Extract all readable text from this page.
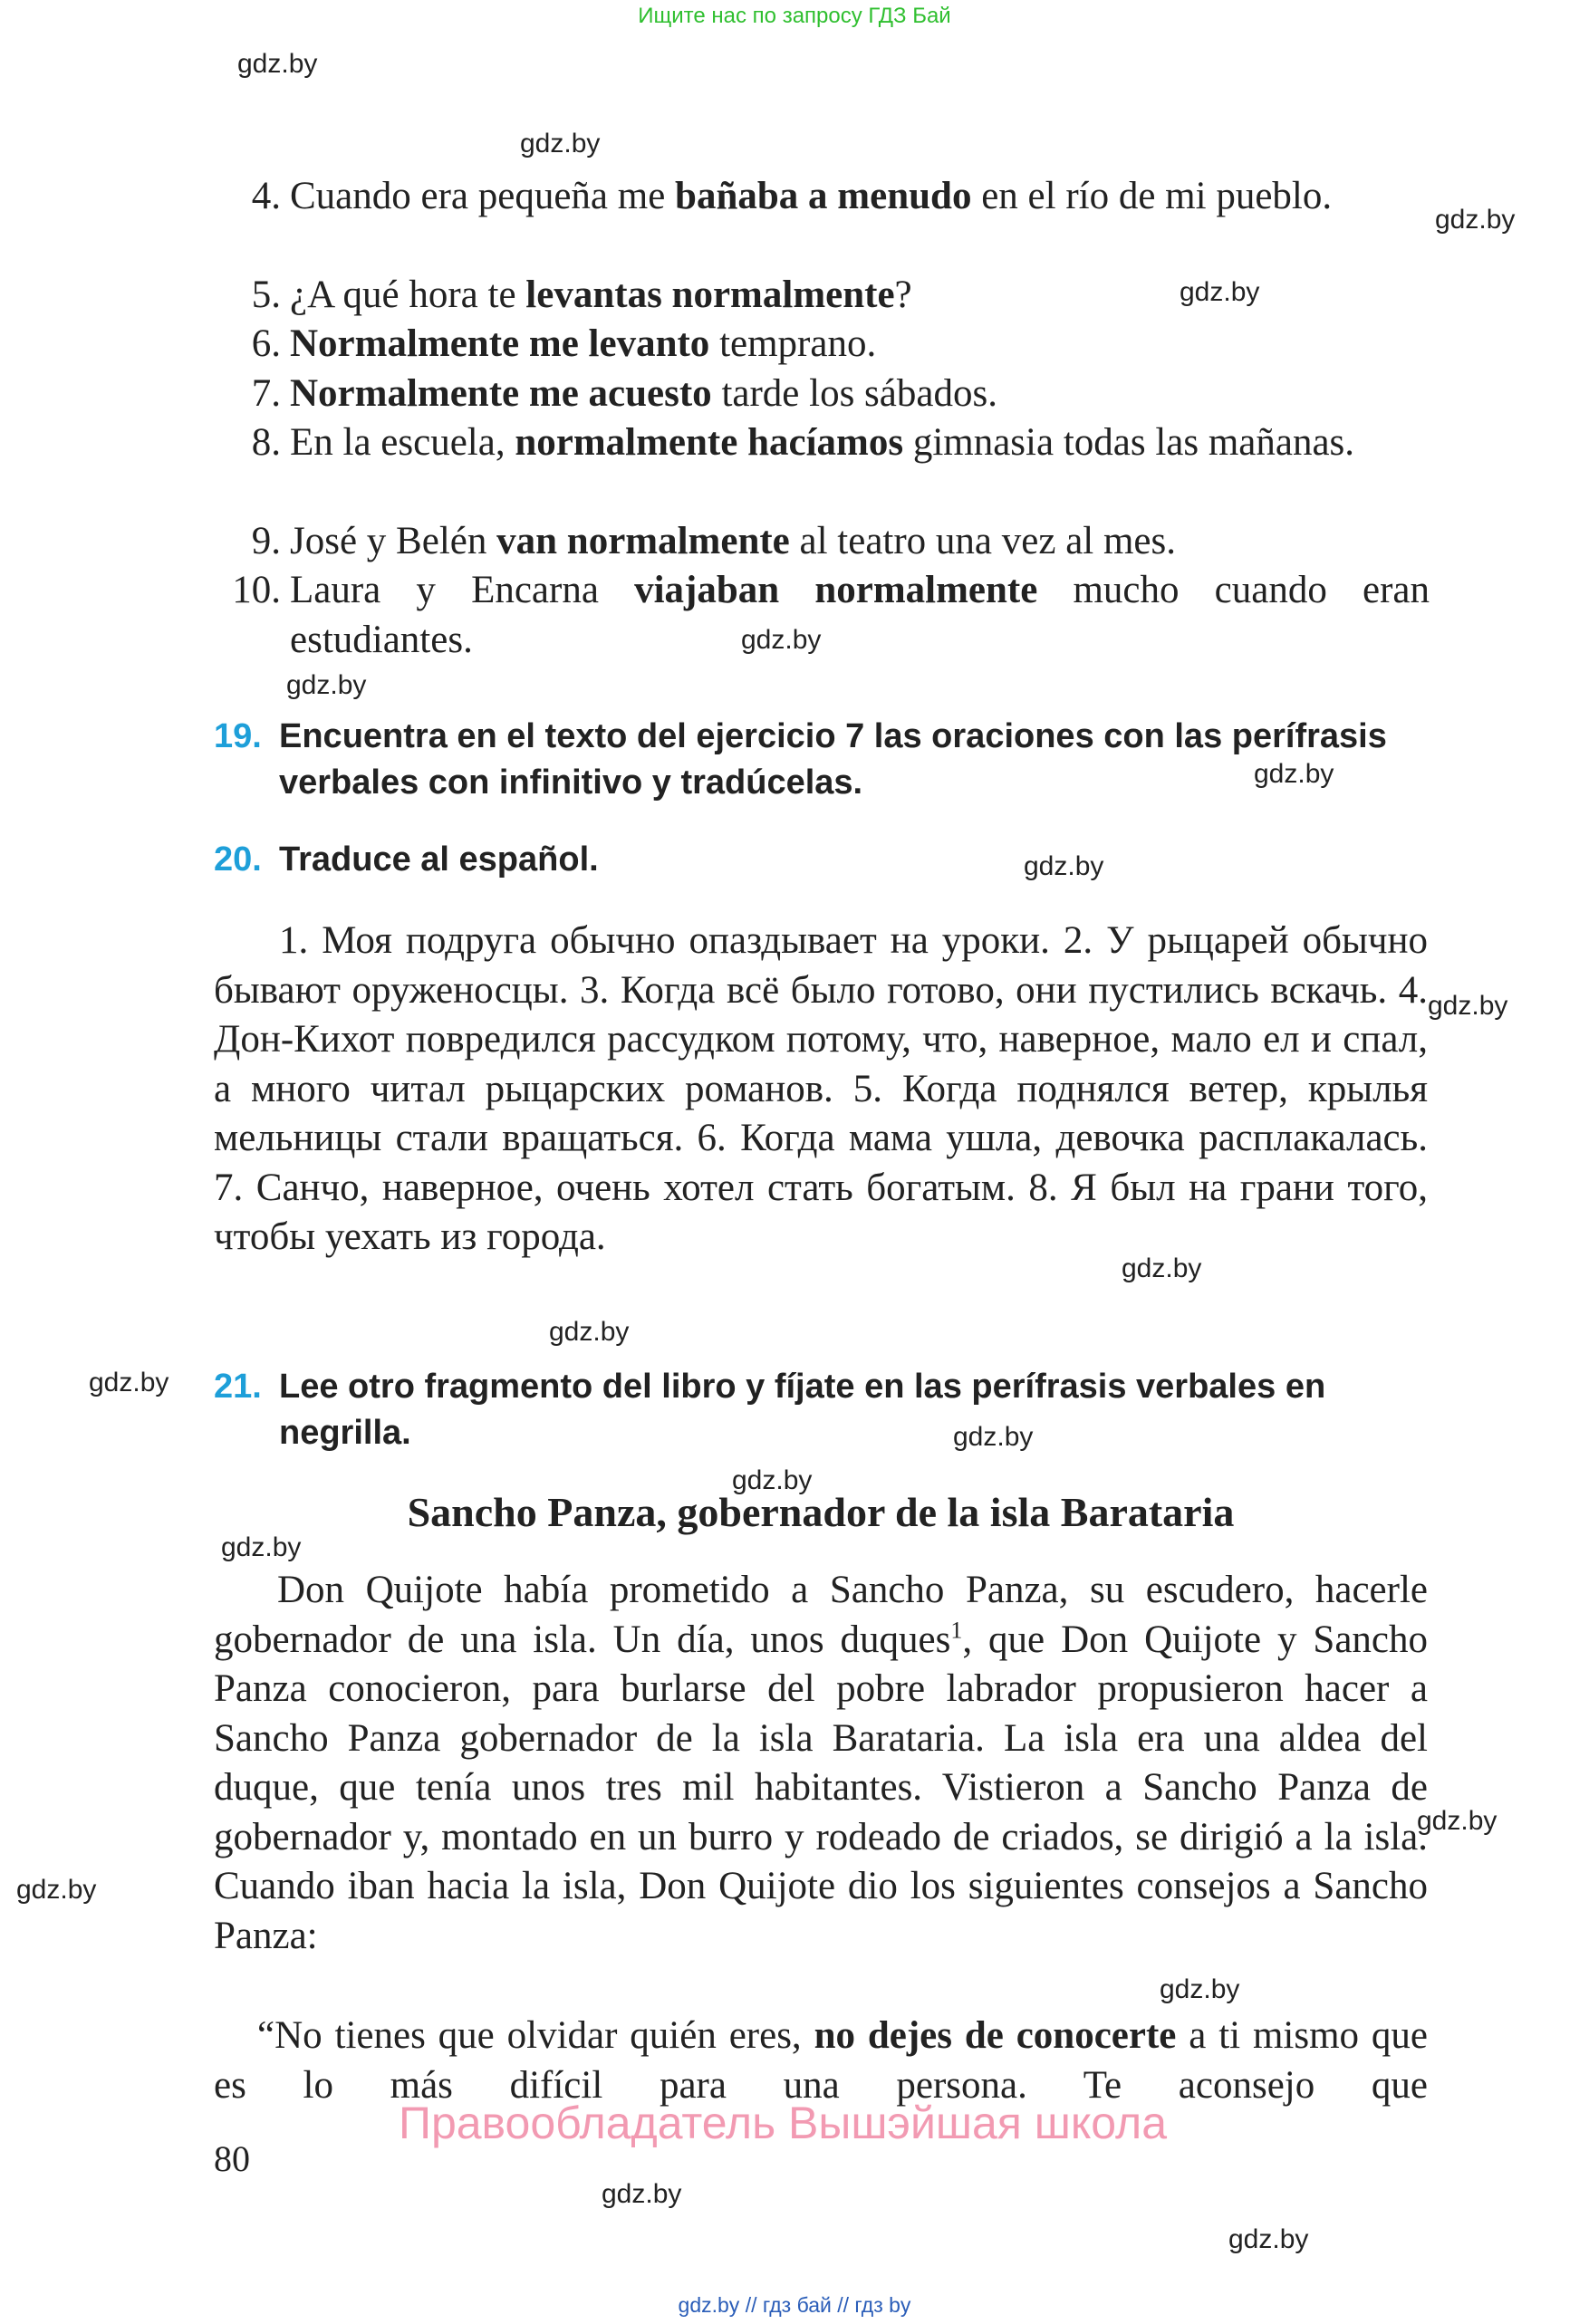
Ищите нас по запросу ГДЗ Бай
gdz.by
gdz.by
gdz.by
gdz.by
gdz.by
gdz.by
gdz.by
gdz.by
gdz.by
gdz.by
gdz.by
gdz.by
gdz.by
gdz.by
gdz.by
gdz.by
gdz.by
gdz.by
gdz.by
gdz.by
4. Cuando era pequeña me bañaba a menudo en el río de mi pueblo.
5. ¿A qué hora te levantas normalmente?
6. Normalmente me levanto temprano.
7. Normalmente me acuesto tarde los sábados.
8. En la escuela, normalmente hacíamos gimnasia todas las mañanas.
9. José y Belén van normalmente al teatro una vez al mes.
10. Laura y Encarna viajaban normalmente mucho cuando eran estudiantes.
19. Encuentra en el texto del ejercicio 7 las oraciones con las perífrasis verbales con infinitivo y tradúcelas.
20. Traduce al español.
1. Моя подруга обычно опаздывает на уроки. 2. У рыцарей обычно бывают оруженосцы. 3. Когда всё было готово, они пустились вскачь. 4. Дон-Кихот повредился рассудком потому, что, наверное, мало ел и спал, а много читал рыцарских романов. 5. Когда поднялся ветер, крылья мельницы стали вращаться. 6. Когда мама ушла, девочка расплакалась. 7. Санчо, наверное, очень хотел стать богатым. 8. Я был на грани того, чтобы уехать из города.
21. Lee otro fragmento del libro y fíjate en las perífrasis verbales en negrilla.
Sancho Panza, gobernador de la isla Barataria
Don Quijote había prometido a Sancho Panza, su escudero, hacerle gobernador de una isla. Un día, unos duques$^1$, que Don Quijote y Sancho Panza conocieron, para burlarse del pobre labrador propusieron hacer a Sancho Panza gobernador de la isla Barataria. La isla era una aldea del duque, que tenía unos tres mil habitantes. Vistieron a Sancho Panza de gobernador y, montado en un burro y rodeado de criados, se dirigió a la isla. Cuando iban hacia la isla, Don Quijote dio los siguientes consejos a Sancho Panza:
“No tienes que olvidar quién eres, no dejes de conocerte a ti mismo que es lo más difícil para una persona. Te aconsejo que
Правообладатель Вышэйшая школа
80
gdz.by // гдз бай // гдз by
